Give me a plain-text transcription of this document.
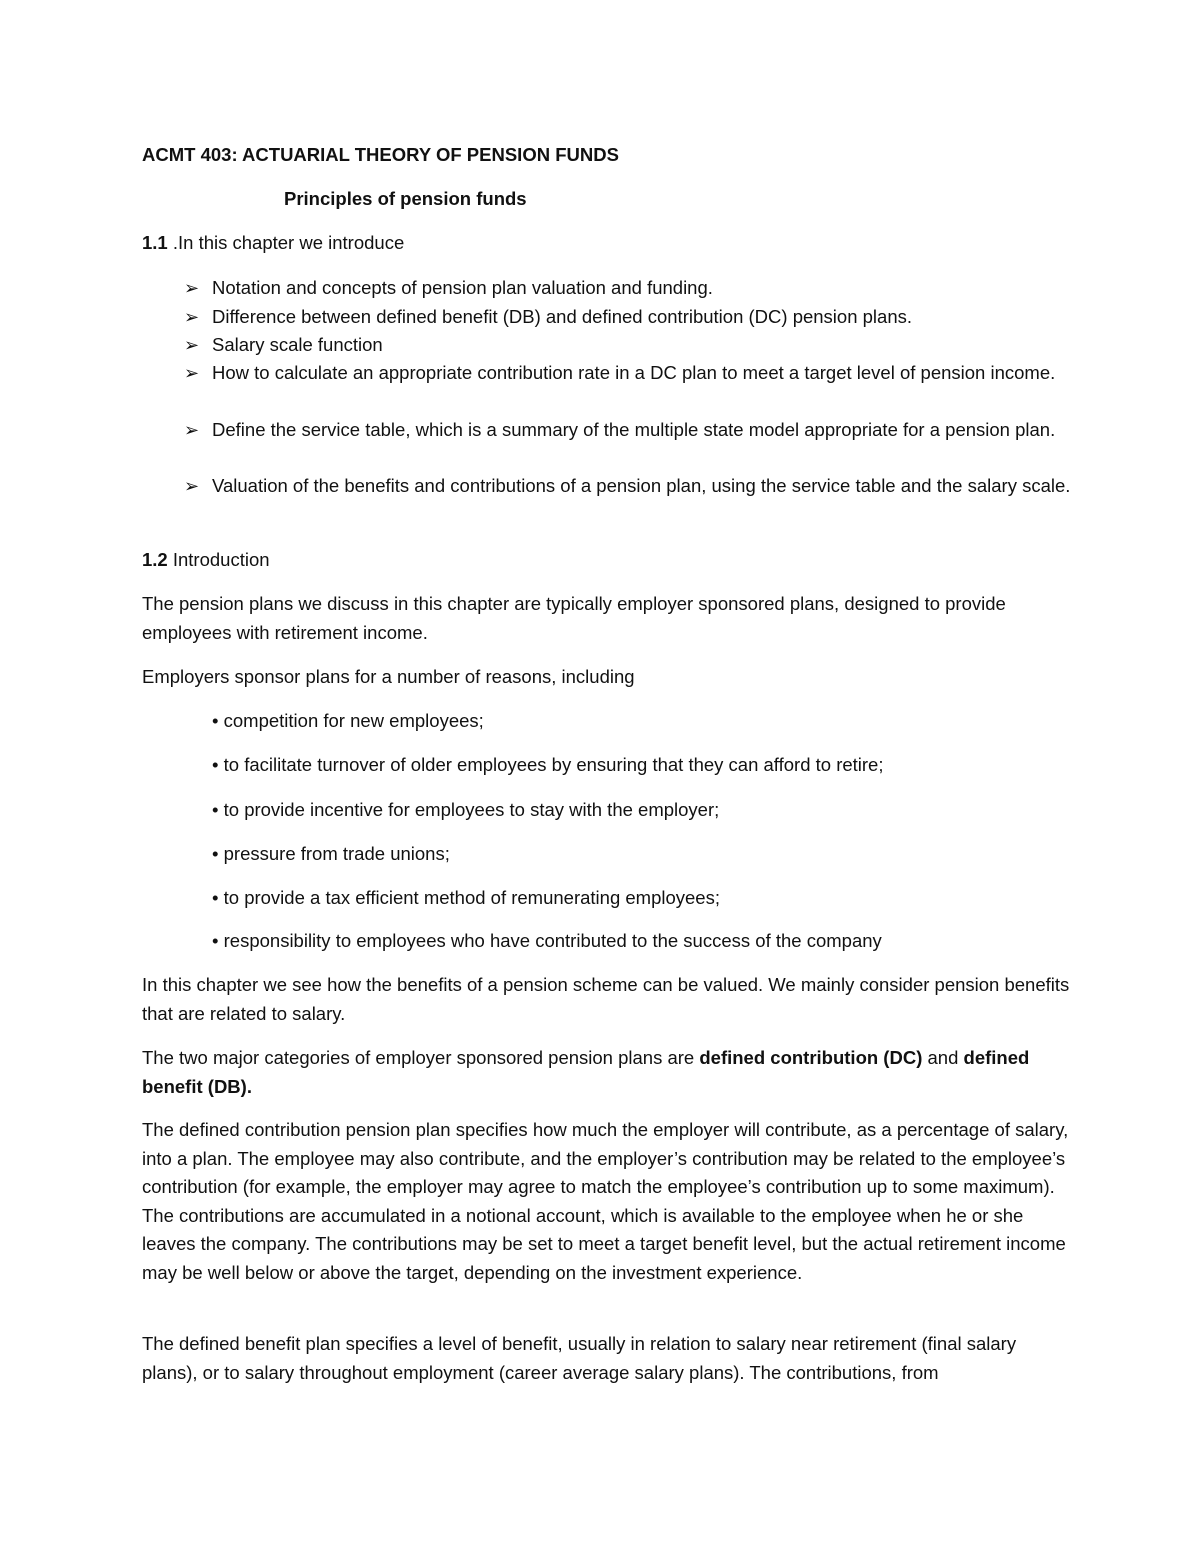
ACMT 403: ACTUARIAL THEORY OF PENSION FUNDS
Principles of pension funds
1.1 .In this chapter we introduce
➢ Notation and concepts of pension plan valuation and funding.
➢ Difference between defined benefit (DB) and defined contribution (DC) pension plans.
➢ Salary scale function
➢ How to calculate an appropriate contribution rate in a DC plan to meet a target level of pension income.
➢ Define the service table, which is a summary of the multiple state model appropriate for a pension plan.
➢ Valuation of the benefits and contributions of a pension plan, using the service table and the salary scale.
1.2 Introduction
The pension plans we discuss in this chapter are typically employer sponsored plans, designed to provide employees with retirement income.
Employers sponsor plans for a number of reasons, including
• competition for new employees;
• to facilitate turnover of older employees by ensuring that they can afford to retire;
• to provide incentive for employees to stay with the employer;
• pressure from trade unions;
• to provide a tax efficient method of remunerating employees;
• responsibility to employees who have contributed to the success of the company
In this chapter we see how the benefits of a pension scheme can be valued. We mainly consider pension benefits that are related to salary.
The two major categories of employer sponsored pension plans are defined contribution (DC) and defined benefit (DB).
The defined contribution pension plan specifies how much the employer will contribute, as a percentage of salary, into a plan. The employee may also contribute, and the employer’s contribution may be related to the employee’s contribution (for example, the employer may agree to match the employee’s contribution up to some maximum). The contributions are accumulated in a notional account, which is available to the employee when he or she leaves the company. The contributions may be set to meet a target benefit level, but the actual retirement income may be well below or above the target, depending on the investment experience.
The defined benefit plan specifies a level of benefit, usually in relation to salary near retirement (final salary plans), or to salary throughout employment (career average salary plans). The contributions, from
